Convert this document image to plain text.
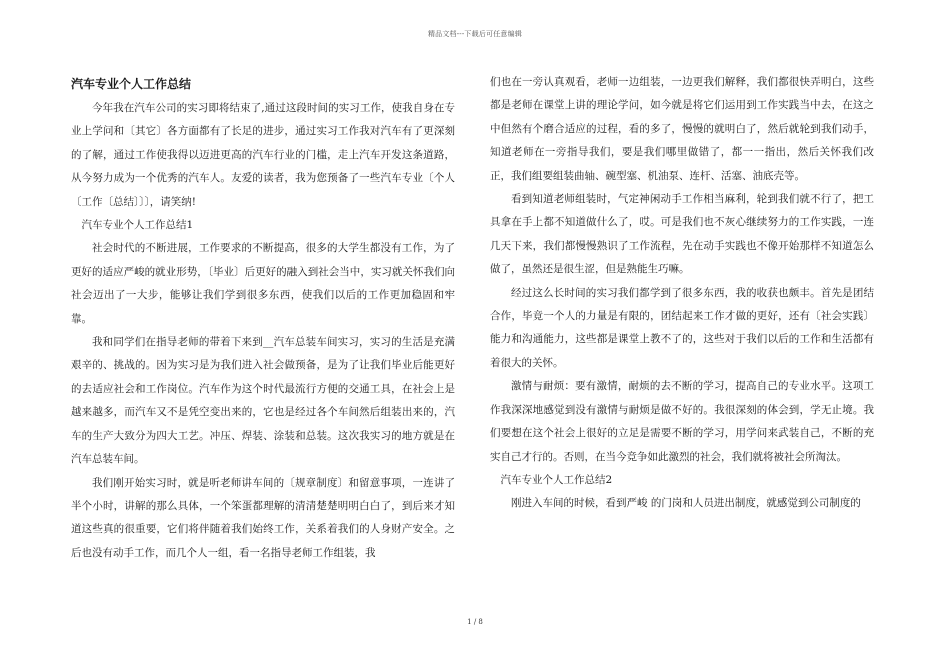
精品文档---下载后可任意编辑

汽车专业个人工作总结

今年我在汽车公司的实习即将结束了,通过这段时间的实习工作，使我自身在专业上学问和〔其它〕各方面都有了长足的进步，通过实习工作我对汽车有了更深刻的了解，通过工作使我得以迈进更高的汽车行业的门槛，走上汽车开发这条道路，从今努力成为一个优秀的汽车人。友爱的读者，我为您预备了一些汽车专业〔个人〔工作〔总结〕〕〕，请笑纳!

汽车专业个人工作总结1

社会时代的不断进展，工作要求的不断提高，很多的大学生都没有工作，为了更好的适应严峻的就业形势，〔毕业〕后更好的融入到社会当中，实习就关怀我们向社会迈出了一大步，能够让我们学到很多东西，使我们以后的工作更加稳固和牢靠。

我和同学们在指导老师的带着下来到__汽车总装车间实习，实习的生活是充满艰辛的、挑战的。因为实习是为我们进入社会做预备，是为了让我们毕业后能更好的去适应社会和工作岗位。汽车作为这个时代最流行方便的交通工具，在社会上是越来越多，而汽车又不是凭空变出来的，它也是经过各个车间然后组装出来的，汽车的生产大致分为四大工艺。冲压、焊装、涂装和总装。这次我实习的地方就是在汽车总装车间。

我们刚开始实习时，就是听老师讲车间的〔规章制度〕和留意事项，一连讲了半个小时，讲解的那么具体，一个笨蛋都理解的清清楚楚明明白白了，到后来才知道这些真的很重要，它们将伴随着我们始终工作，关系着我们的人身财产安全。之后也没有动手工作，而几个人一组，看一名指导老师工作组装，我

们也在一旁认真观看，老师一边组装，一边更我们解释，我们都很快弄明白，这些都是老师在课堂上讲的理论学问，如今就是将它们运用到工作实践当中去，在这之中但然有个磨合适应的过程，看的多了，慢慢的就明白了，然后就轮到我们动手，知道老师在一旁指导我们，要是我们哪里做错了，都一一指出，然后关怀我们改正，我们组要组装曲轴、碗型塞、机油泵、连杆、活塞、油底壳等。

看到知道老师组装时，气定神闲动手工作相当麻利，轮到我们就不行了，把工具拿在手上都不知道做什么了，哎。可是我们也不灰心继续努力的工作实践，一连几天下来，我们都慢慢熟识了工作流程，先在动手实践也不像开始那样不知道怎么做了，虽然还是很生涩，但是熟能生巧嘛。

经过这么长时间的实习我们都学到了很多东西，我的收获也颇丰。首先是团结合作，毕竟一个人的力量是有限的，团结起来工作才做的更好，还有〔社会实践〕能力和沟通能力，这些都是课堂上教不了的，这些对于我们以后的工作和生活都有着很大的关怀。

激情与耐烦：要有激情，耐烦的去不断的学习，提高自己的专业水平。这项工作我深深地感觉到没有激情与耐烦是做不好的。我很深刻的体会到，学无止境。我们要想在这个社会上很好的立足是需要不断的学习，用学问来武装自己，不断的充实自己才行的。否则，在当今竞争如此激烈的社会，我们就将被社会所淘汰。

汽车专业个人工作总结2

刚进入车间的时候，看到严峻 的门岗和人员进出制度，就感觉到公司制度的

1 / 8
